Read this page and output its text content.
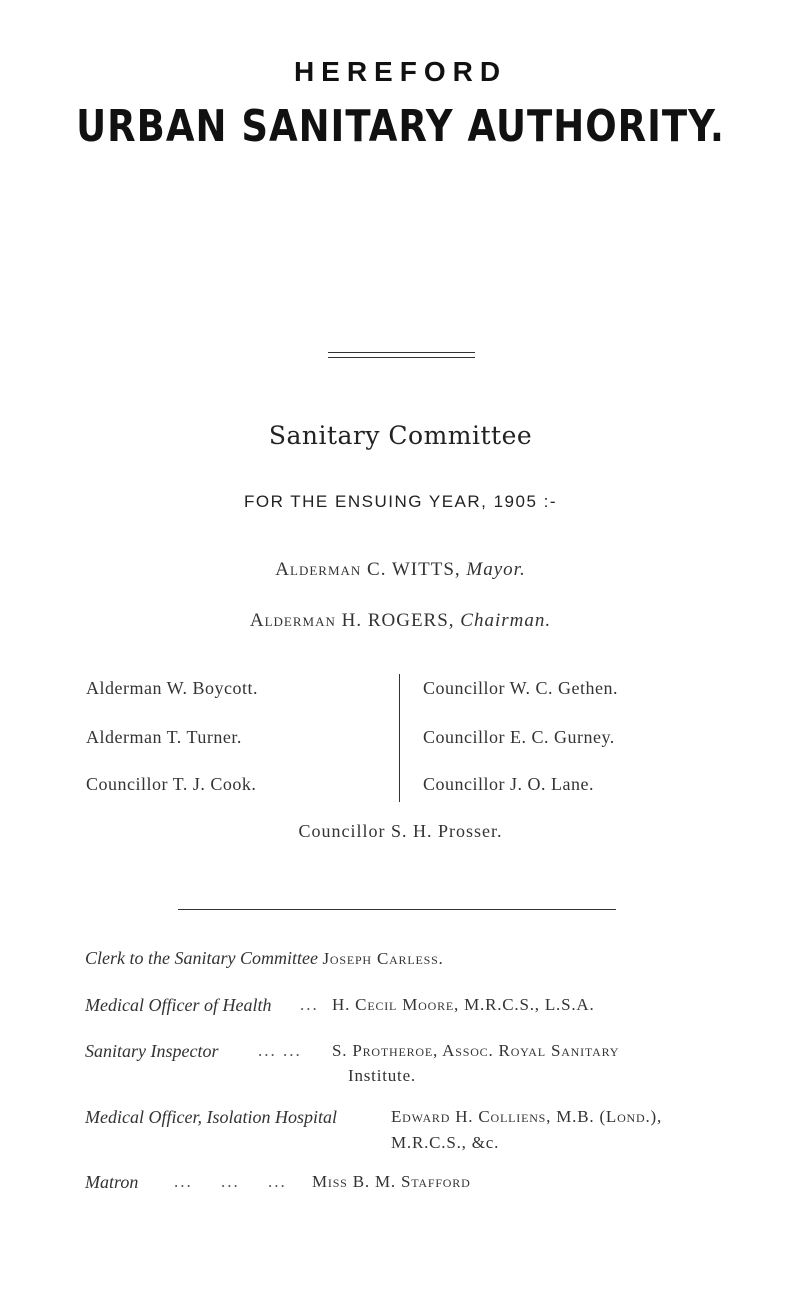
HEREFORD
URBAN SANITARY AUTHORITY.
Sanitary Committee
FOR THE ENSUING YEAR, 1905 :-
Alderman C. WITTS, Mayor.
Alderman H. ROGERS, Chairman.
Alderman W. Boycott.
Alderman T. Turner.
Councillor T. J. Cook.
Councillor W. C. Gethen.
Councillor E. C. Gurney.
Councillor J. O. Lane.
Councillor S. H. Prosser.
Clerk to the Sanitary Committee Joseph Carless.
Medical Officer of Health ... H. Cecil Moore, M.R.C.S., L.S.A.
Sanitary Inspector ... ... S. Protheroe, Assoc. Royal Sanitary
Institute.
Medical Officer, Isolation Hospital	Edward H. Colliens, M.B. (Lond.),
M.R.C.S., &c.
Matron ... ... ... Miss B. M. Stafford
